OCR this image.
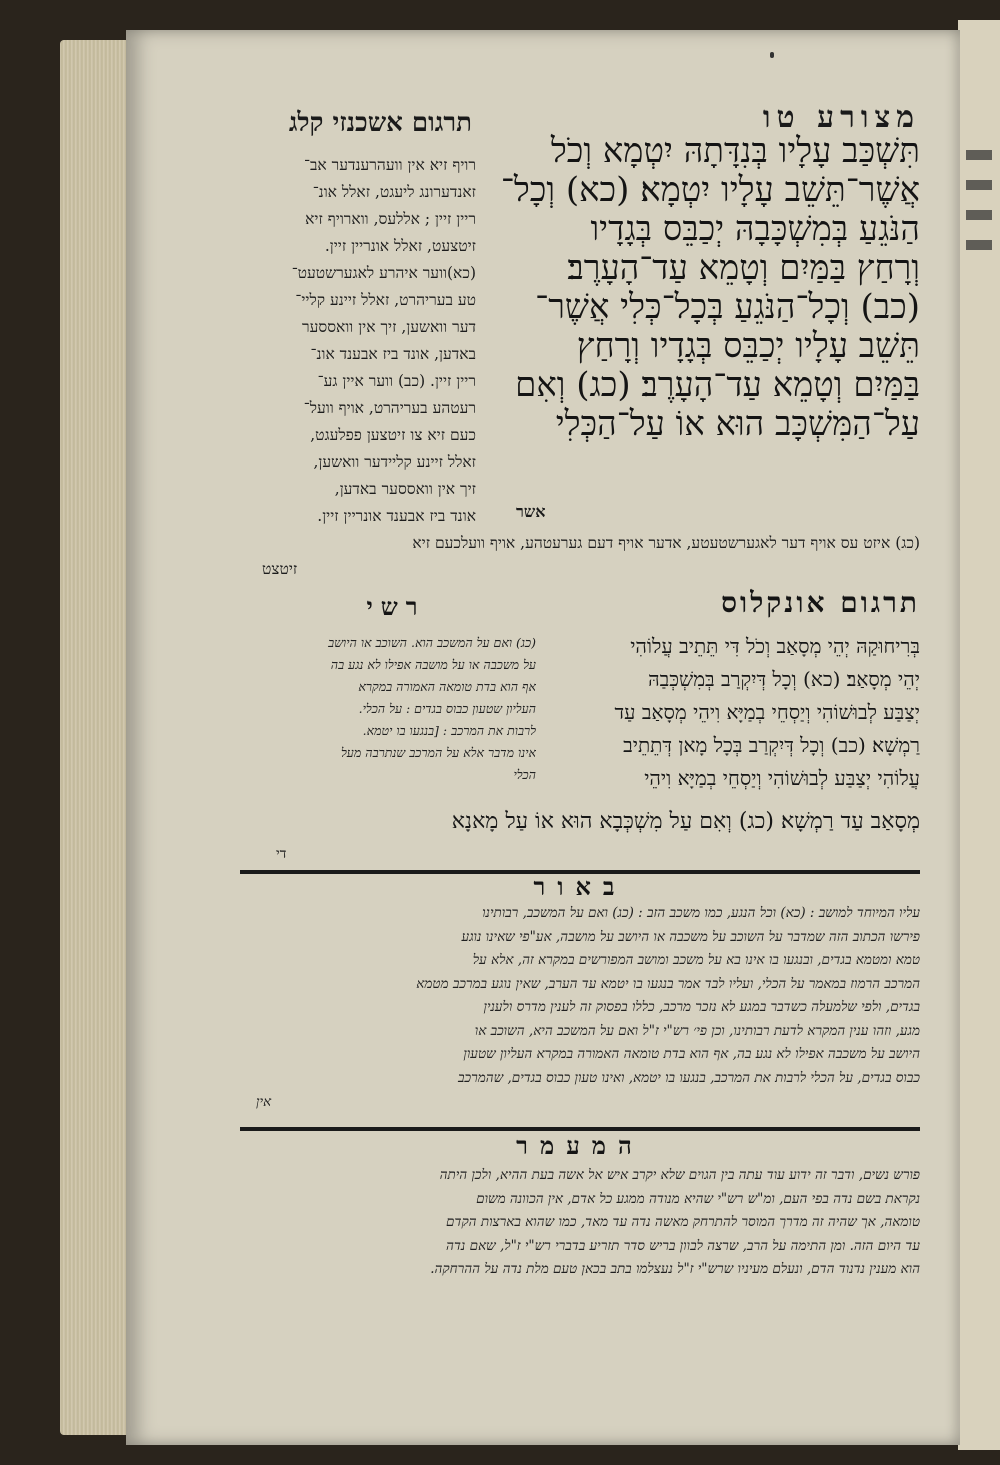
תרגום אשכנזי קלג	מצורע טו

תִּשְׁכַּב עָלָיו בְּנִדָּתָהּ יִטְמָא וְכֹל

אֲשֶׁר־תֵּשֵׁב עָלָיו יִטְמָא׃ (כא) וְכָל־

הַנֹּגֵעַ בְּמִשְׁכָּבָהּ יְכַבֵּס בְּגָדָיו

וְרָחַץ בַּמַּיִם וְטָמֵא עַד־הָעָרֶב׃

(כב) וְכָל־הַנֹּגֵעַ בְּכָל־כְּלִי אֲשֶׁר־

תֵּשֵׁב עָלָיו יְכַבֵּס בְּגָדָיו וְרָחַץ

בַּמַּיִם וְטָמֵא עַד־הָעָרֶב׃ (כג) וְאִם

עַל־הַמִּשְׁכָּב הוּא אוֹ עַל־הַכְּלִי

אשר

רויף זיא אין וועהרענדער אב־

זאנדערונג ליעגט, זאלל אונ־

ריין זיין ; אללעס, ווארויף זיא

זיטצעט, זאלל אונריין זיין.

(כא)ווער איהרע לאגערשטעט־

טע בעריהרט, זאלל זיינע קליי־

דער וואשען, זיך אין וואססער

באדען, אונד ביז אבענד אונ־

ריין זיין. (כב) ווער איין גע־

רעטהע בעריהרט, אויף וועל־

כעם זיא צו זיטצען פפלעגט,

זאלל זיינע קליידער וואשען,

זיך אין וואססער באדען,

אונד ביז אבענד אונריין זיין.

(כג) איזט עס אויף דער לאגערשטעטע, אדער אויף דעם גערעטהע, אויף וועלכעם זיא
זיטצט
תרגום אונקלוס
רשי

בְּרִיחוּקַהּ יְהֵי מְסָאַב וְכֹל דִּי תֵּתֵיב עֲלוֹהִי

יְהֵי מְסָאַב׃ (כא) וְכָל דְּיִקְרַב בְּמִשְׁכְּבַהּ

יְצַבַּע לְבוּשׁוֹהִי וְיַסְחֵי בְמַיָּא וִיהֵי מְסָאַב עַד

רַמְשָׁא׃ (כב) וְכָל דְּיִקְרַב בְּכָל מָאן דְּתֵתֵיב

עֲלוֹהִי יְצַבַּע לְבוּשׁוֹהִי וְיַסְחֵי בְמַיָּא וִיהֵי

מְסָאַב עַד רַמְשָׁא׃ (כג) וְאִם עַל מִשְׁכְּבָא הוּא אוֹ עַל מָאנָא
די

(כג) ואם על המשכב הוא. השוכב או היושב

על משכבה או על מושבה אפילו לא נגע בה

אף הוא בדת טומאה האמורה במקרא

העליון שטעון כבוס בגדים : על הכלי.

לרבות את המרכב : [בנגעו בו יטמא.

אינו מדבר אלא על המרכב שנתרבה מעל

הכלי

באור

עליו המיוחד למושב : (כא) וכל הנגע, כמו משכב הזב : (כג) ואם על המשכב, רבותינו

פירשו הכתוב הזה שמדבר על השוכב על משכבה או היושב על מושבה, אע"פי שאינו נוגע

טמא ומטמא בגדים, ובנגעו בו אינו בא על משכב ומושב המפורשים במקרא זה, אלא על

המרכב הרמוז במאמר על הכלי, ועליו לבד אמר בנגעו בו יטמא עד הערב, שאין נוגע במרכב מטמא

בגדים, ולפי שלמעלה כשדבר במגע לא נזכר מרכב, כללו בפסוק זה לענין מדרס ולענין

מגע, וזהו ענין המקרא לדעת רבותינו, וכן פי׳ רש"י ז"ל ואם על המשכב היא, השוכב או

היושב על משכבה אפילו לא נגע בה, אף הוא בדת טומאה האמורה במקרא העליון שטעון

כבוס בגדים, על הכלי לרבות את המרכב, בנגעו בו יטמא, ואינו טעון כבוס בגדים, שהמרכב

אין
המעמר

פורש נשים, ודבר זה ידוע עוד עתה בין הגוים שלא יקרב איש אל אשה בעת ההיא, ולכן היתה

נקראת בשם נדה בפי העם, ומ"ש רש"י שהיא מנודה ממגע כל אדם, אין הכוונה משום

טומאה, אך שהיה זה מדרך המוסר להתרחק מאשה נדה עד מאד, כמו שהוא בארצות הקדם

עד היום הזה. ומן התימה על הרב, שרצה לבוון בריש סדר תזריע בדברי רש"י ז"ל, שאם נדה

הוא מענין נדנוד הדם, ונעלם מעיניו שרש"י ז"ל נעצלמו בתב בכאן טעם מלת נדה על ההרחקה.
